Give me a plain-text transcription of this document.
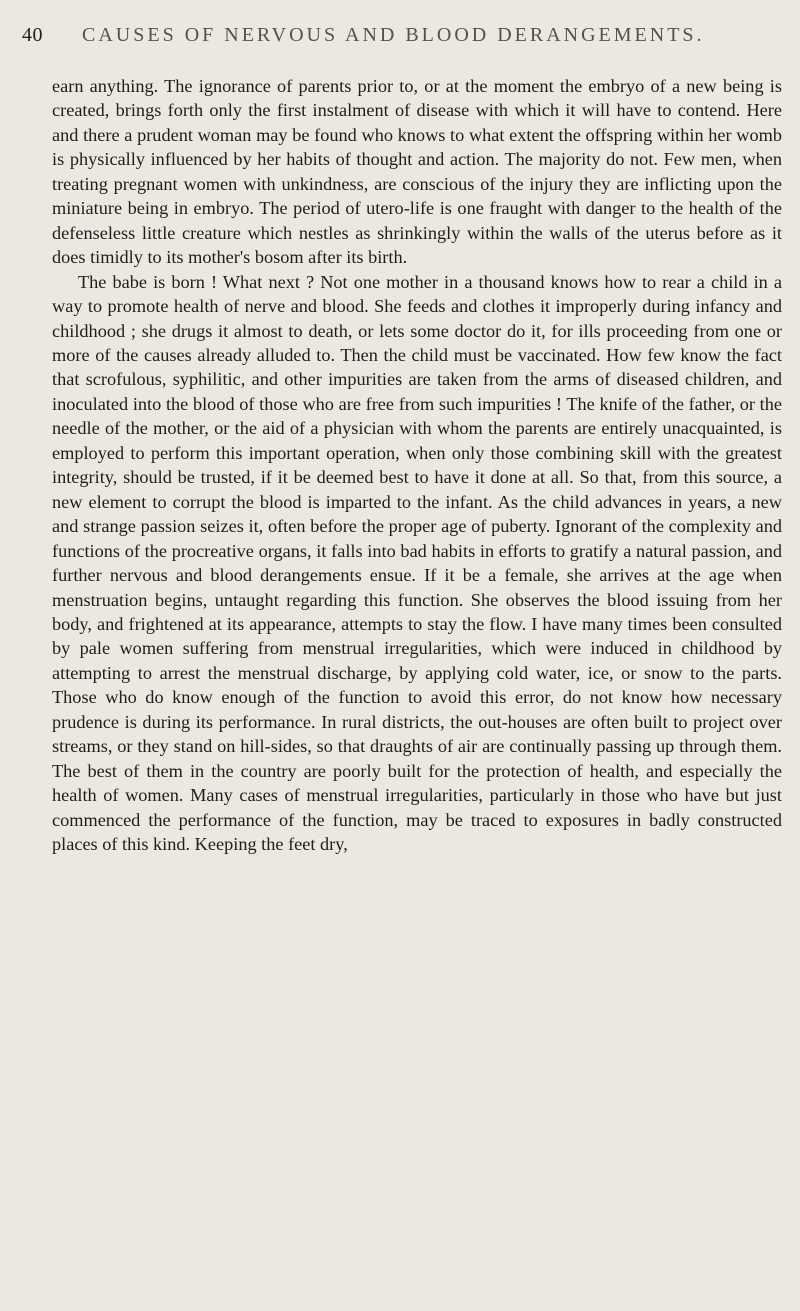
40 CAUSES OF NERVOUS AND BLOOD DERANGEMENTS.

earn anything. The ignorance of parents prior to, or at the moment the embryo of a new being is created, brings forth only the first instalment of disease with which it will have to contend. Here and there a prudent woman may be found who knows to what extent the offspring within her womb is physically influenced by her habits of thought and action. The majority do not. Few men, when treating pregnant women with unkindness, are conscious of the injury they are inflicting upon the miniature being in embryo. The period of utero-life is one fraught with danger to the health of the defenseless little creature which nestles as shrinkingly within the walls of the uterus before as it does timidly to its mother's bosom after its birth.

The babe is born ! What next ? Not one mother in a thousand knows how to rear a child in a way to promote health of nerve and blood. She feeds and clothes it improperly during infancy and childhood ; she drugs it almost to death, or lets some doctor do it, for ills proceeding from one or more of the causes already alluded to. Then the child must be vaccinated. How few know the fact that scrofulous, syphilitic, and other impurities are taken from the arms of diseased children, and inoculated into the blood of those who are free from such impurities ! The knife of the father, or the needle of the mother, or the aid of a physician with whom the parents are entirely unacquainted, is employed to perform this important operation, when only those combining skill with the greatest integrity, should be trusted, if it be deemed best to have it done at all. So that, from this source, a new element to corrupt the blood is imparted to the infant. As the child advances in years, a new and strange passion seizes it, often before the proper age of puberty. Ignorant of the complexity and functions of the procreative organs, it falls into bad habits in efforts to gratify a natural passion, and further nervous and blood derangements ensue. If it be a female, she arrives at the age when menstruation begins, untaught regarding this function. She observes the blood issuing from her body, and frightened at its appearance, attempts to stay the flow. I have many times been consulted by pale women suffering from menstrual irregularities, which were induced in childhood by attempting to arrest the menstrual discharge, by applying cold water, ice, or snow to the parts. Those who do know enough of the function to avoid this error, do not know how necessary prudence is during its performance. In rural districts, the out-houses are often built to project over streams, or they stand on hill-sides, so that draughts of air are continually passing up through them. The best of them in the country are poorly built for the protection of health, and especially the health of women. Many cases of menstrual irregularities, particularly in those who have but just commenced the performance of the function, may be traced to exposures in badly constructed places of this kind. Keeping the feet dry,
